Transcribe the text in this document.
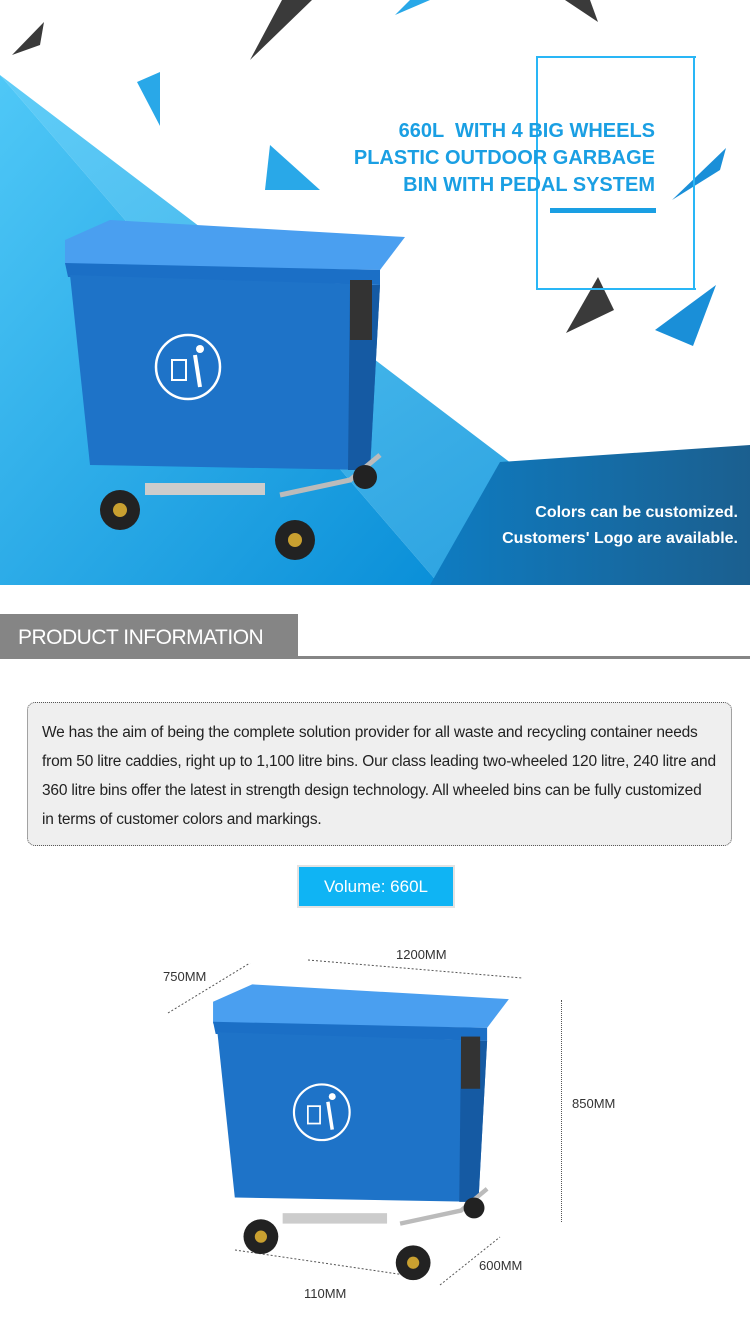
660L  WITH 4 BIG WHEELS
PLASTIC OUTDOOR GARBAGE
BIN WITH PEDAL SYSTEM
Colors can be customized.
Customers' Logo are available.
PRODUCT INFORMATION
We has the aim of being the complete solution provider for all waste and recycling container needs from 50 litre caddies, right up to 1,100 litre bins. Our class leading two-wheeled 120 litre, 240 litre and 360 litre bins offer the latest in strength design technology. All wheeled bins can be fully customized in terms of customer colors and markings.
Volume: 660L
750MM
1200MM
850MM
600MM
110MM
